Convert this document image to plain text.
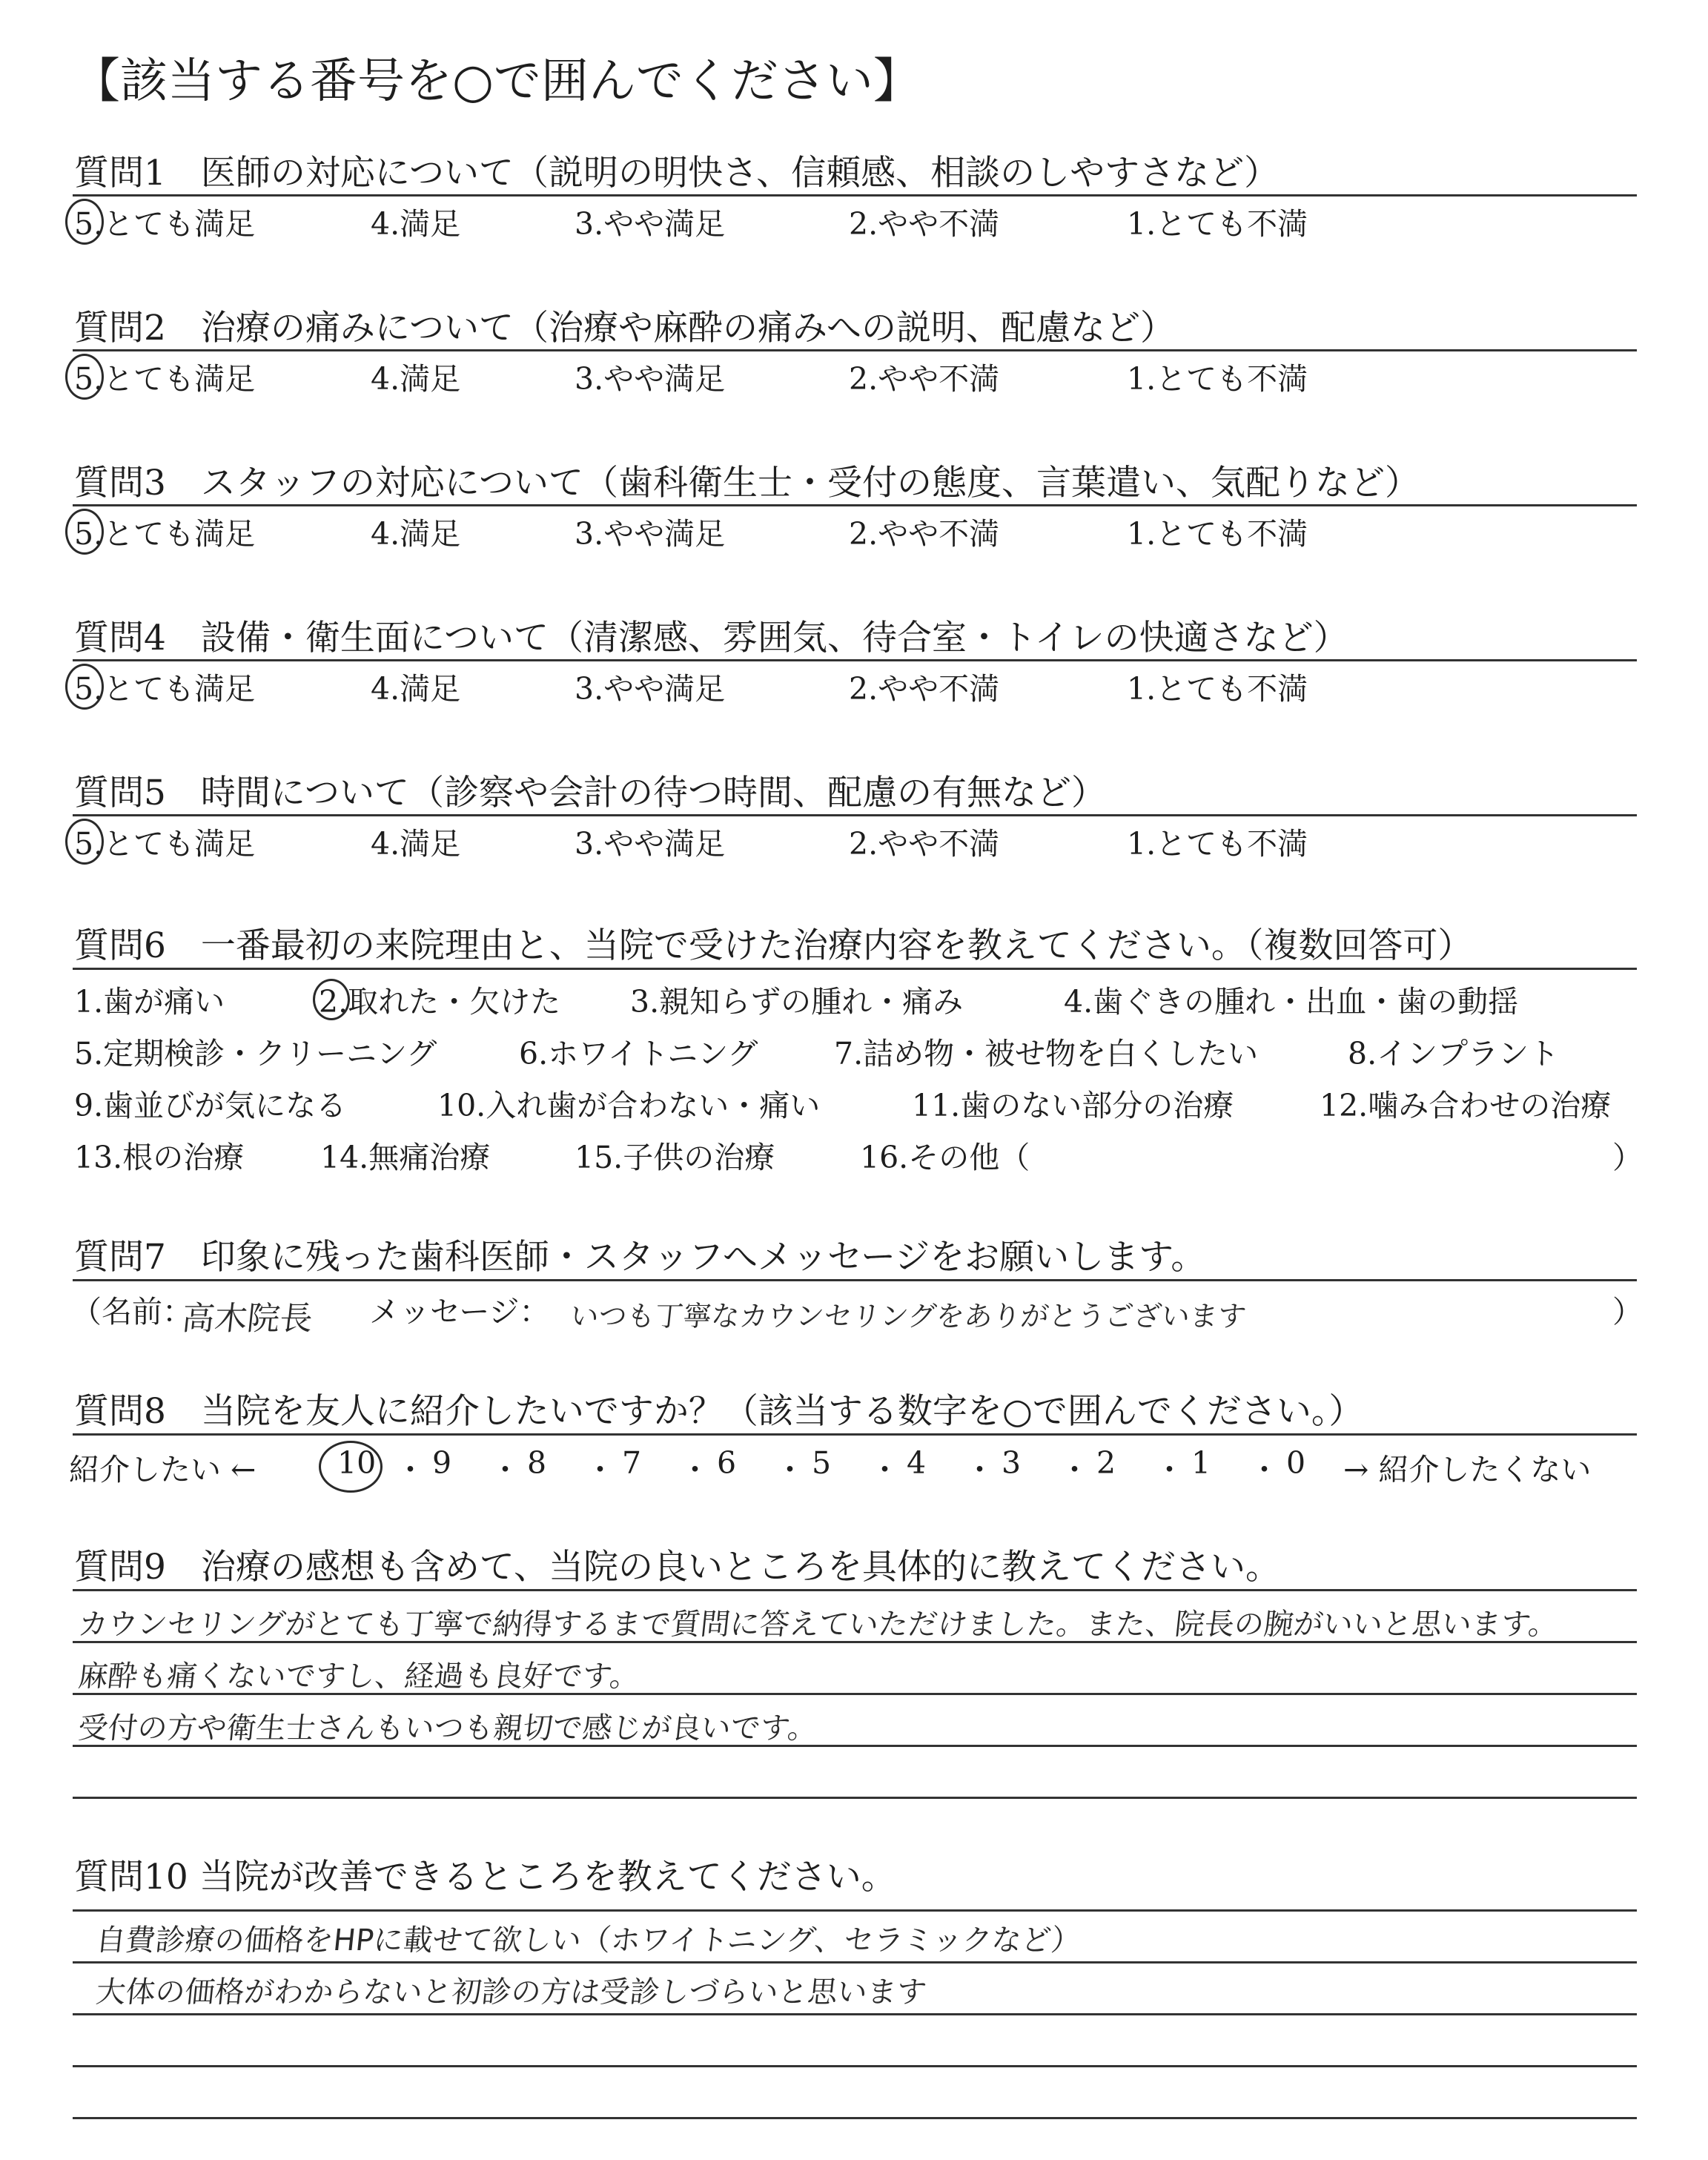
【該当する番号を○で囲んでください】
質問6　一番最初の来院理由と、当院で受けた治療内容を教えてください。（複数回答可）
）
質問7　印象に残った歯科医師・スタッフへメッセージをお願いします。
（名前：
高木院長 メッセージ： いつも丁寧なカウンセリングをありがとうございます	）
質問8　当院を友人に紹介したいですか？（該当する数字を○で囲んでください。）
紹介したい ←	→ 紹介したくない
質問9　治療の感想も含めて、当院の良いところを具体的に教えてください。
質問10 当院が改善できるところを教えてください。
質問1　医師の対応について（説明の明快さ、信頼感、相談のしやすさなど）
5.とても満足	4.満足	3.やや満足	2.やや不満	1.とても不満
質問2　治療の痛みについて（治療や麻酔の痛みへの説明、配慮など）
5.とても満足	4.満足	3.やや満足	2.やや不満	1.とても不満
質問3　スタッフの対応について（歯科衛生士・受付の態度、言葉遣い、気配りなど）
5.とても満足	4.満足	3.やや満足	2.やや不満	1.とても不満
質問4　設備・衛生面について（清潔感、雰囲気、待合室・トイレの快適さなど）
5.とても満足	4.満足	3.やや満足	2.やや不満	1.とても不満
質問5　時間について（診察や会計の待つ時間、配慮の有無など）
5.とても満足	4.満足	3.やや満足	2.やや不満	1.とても不満
1.歯が痛い	2.取れた・欠けた 3.親知らずの腫れ・痛み	4.歯ぐきの腫れ・出血・歯の動揺
5.定期検診・クリーニング	6.ホワイトニング	7.詰め物・被せ物を白くしたい	8.インプラント
9.歯並びが気になる	10.入れ歯が合わない・痛い	11.歯のない部分の治療	12.噛み合わせの治療
13.根の治療	14.無痛治療	15.子供の治療	16.その他（
10 ・ 9 ・ 8 ・ 7 ・ 6 ・ 5 ・ 4 ・ 3 ・ 2 ・ 1 ・ 0
カウンセリングがとても丁寧で納得するまで質問に答えていただけました。また、院長の腕がいいと思います。
麻酔も痛くないですし、経過も良好です。
受付の方や衛生士さんもいつも親切で感じが良いです。
自費診療の価格をHPに載せて欲しい（ホワイトニング、セラミックなど）
大体の価格がわからないと初診の方は受診しづらいと思います
